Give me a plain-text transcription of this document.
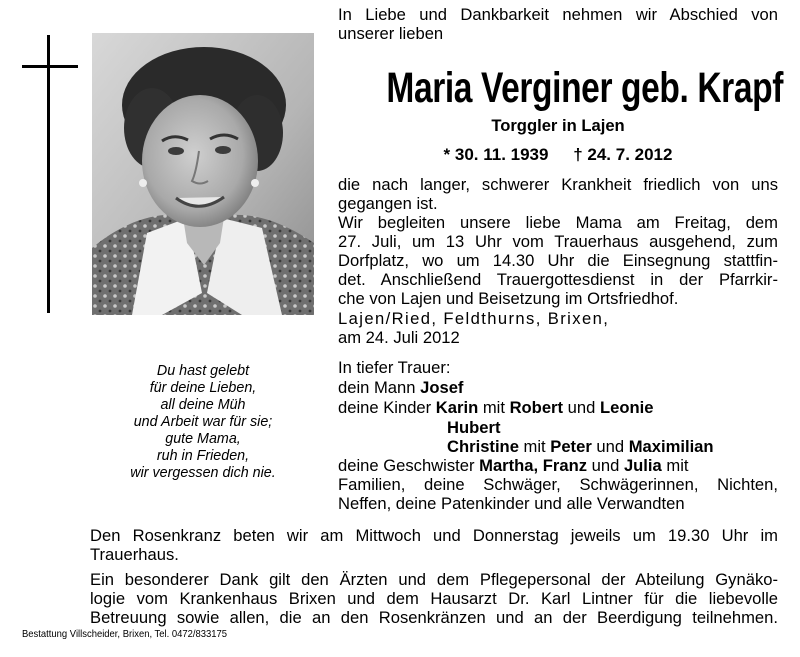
Du hast gelebt
für deine Lieben,
all deine Müh
und Arbeit war für sie;
gute Mama,
ruh in Frieden,
wir vergessen dich nie.
In Liebe und Dankbarkeit nehmen wir Abschied von
unserer lieben
Maria Verginer geb. Krapf
Torggler in Lajen
* 30. 11. 1939 † 24. 7. 2012
die nach langer, schwerer Krankheit friedlich von uns
gegangen ist.
Wir begleiten unsere liebe Mama am Freitag, dem
27. Juli, um 13 Uhr vom Trauerhaus ausgehend, zum
Dorfplatz, wo um 14.30 Uhr die Einsegnung stattfin-
det. Anschließend Trauergottesdienst in der Pfarrkir-
che von Lajen und Beisetzung im Ortsfriedhof.
Lajen/Ried, Feldthurns, Brixen,
am 24. Juli 2012
In tiefer Trauer:
dein Mann Josef
deine Kinder Karin mit Robert und Leonie
Hubert
Christine mit Peter und Maximilian
deine Geschwister Martha, Franz und Julia mit
Familien, deine Schwäger, Schwägerinnen, Nichten,
Neffen, deine Patenkinder und alle Verwandten
Den Rosenkranz beten wir am Mittwoch und Donnerstag jeweils um 19.30 Uhr im
Trauerhaus.
Ein besonderer Dank gilt den Ärzten und dem Pflegepersonal der Abteilung Gynäko-
logie vom Krankenhaus Brixen und dem Hausarzt Dr. Karl Lintner für die liebevolle
Betreuung sowie allen, die an den Rosenkränzen und an der Beerdigung teilnehmen.
Bestattung Villscheider, Brixen, Tel. 0472/833175
